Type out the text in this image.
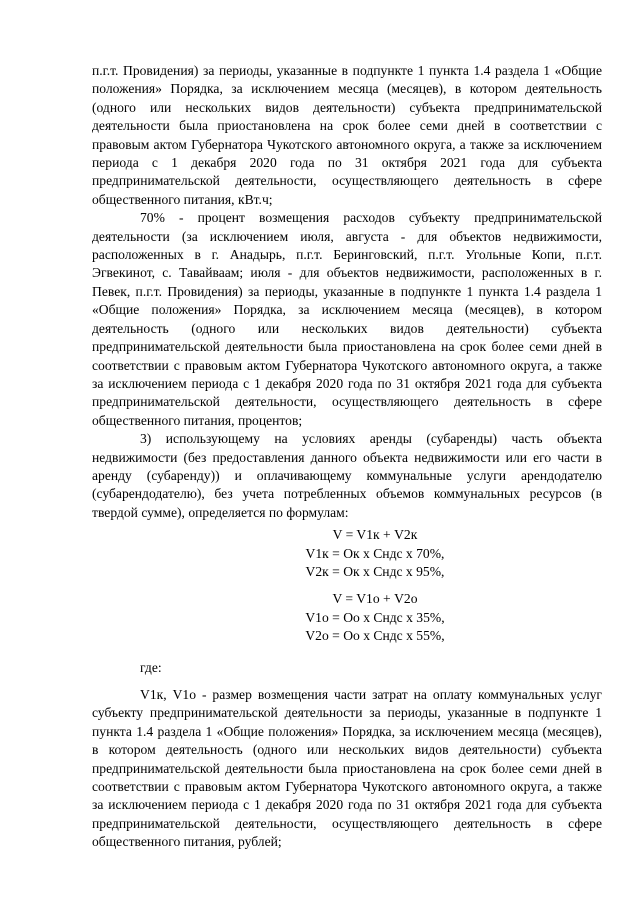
п.г.т. Провидения) за периоды, указанные в подпункте 1 пункта 1.4 раздела 1 «Общие положения» Порядка, за исключением месяца (месяцев), в котором деятельность (одного или нескольких видов деятельности) субъекта предпринимательской деятельности была приостановлена на срок более семи дней в соответствии с правовым актом Губернатора Чукотского автономного округа, а также за исключением периода с 1 декабря 2020 года по 31 октября 2021 года для субъекта предпринимательской деятельности, осуществляющего деятельность в сфере общественного питания, кВт.ч;

70% - процент возмещения расходов субъекту предпринимательской деятельности (за исключением июля, августа - для объектов недвижимости, расположенных в г. Анадырь, п.г.т. Беринговский, п.г.т. Угольные Копи, п.г.т. Эгвекинот, с. Тавайваам; июля - для объектов недвижимости, расположенных в г. Певек, п.г.т. Провидения) за периоды, указанные в подпункте 1 пункта 1.4 раздела 1 «Общие положения» Порядка, за исключением месяца (месяцев), в котором деятельность (одного или нескольких видов деятельности) субъекта предпринимательской деятельности была приостановлена на срок более семи дней в соответствии с правовым актом Губернатора Чукотского автономного округа, а также за исключением периода с 1 декабря 2020 года по 31 октября 2021 года для субъекта предпринимательской деятельности, осуществляющего деятельность в сфере общественного питания, процентов;

3) использующему на условиях аренды (субаренды) часть объекта недвижимости (без предоставления данного объекта недвижимости или его части в аренду (субаренду)) и оплачивающему коммунальные услуги арендодателю (субарендодателю), без учета потребленных объемов коммунальных ресурсов (в твердой сумме), определяется по формулам:

V = V1к + V2к
V1к = Ок х Cндс х 70%,
V2к = Ок х Cндс х 95%,
V = V1о + V2о
V1о = Оо х Cндс х 35%,
V2о = Оо х Cндс х 55%,

где:

V1к, V1о - размер возмещения части затрат на оплату коммунальных услуг субъекту предпринимательской деятельности за периоды, указанные в подпункте 1 пункта 1.4 раздела 1 «Общие положения» Порядка, за исключением месяца (месяцев), в котором деятельность (одного или нескольких видов деятельности) субъекта предпринимательской деятельности была приостановлена на срок более семи дней в соответствии с правовым актом Губернатора Чукотского автономного округа, а также за исключением периода с 1 декабря 2020 года по 31 октября 2021 года для субъекта предпринимательской деятельности, осуществляющего деятельность в сфере общественного питания, рублей;
